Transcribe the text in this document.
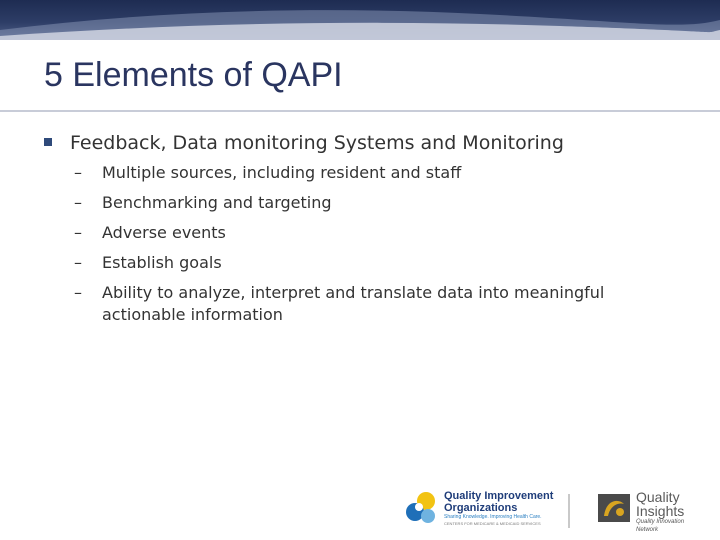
5 Elements of QAPI
Feedback, Data monitoring Systems and Monitoring
–	Multiple sources, including resident and staff
–	Benchmarking and targeting
–	Adverse events
–	Establish goals
–	Ability to analyze, interpret and translate data into meaningful actionable information
Quality Improvement
Organizations
Sharing Knowledge. Improving Health Care.
CENTERS FOR MEDICARE & MEDICAID SERVICES
Quality
Insights
Quality Innovation Network
